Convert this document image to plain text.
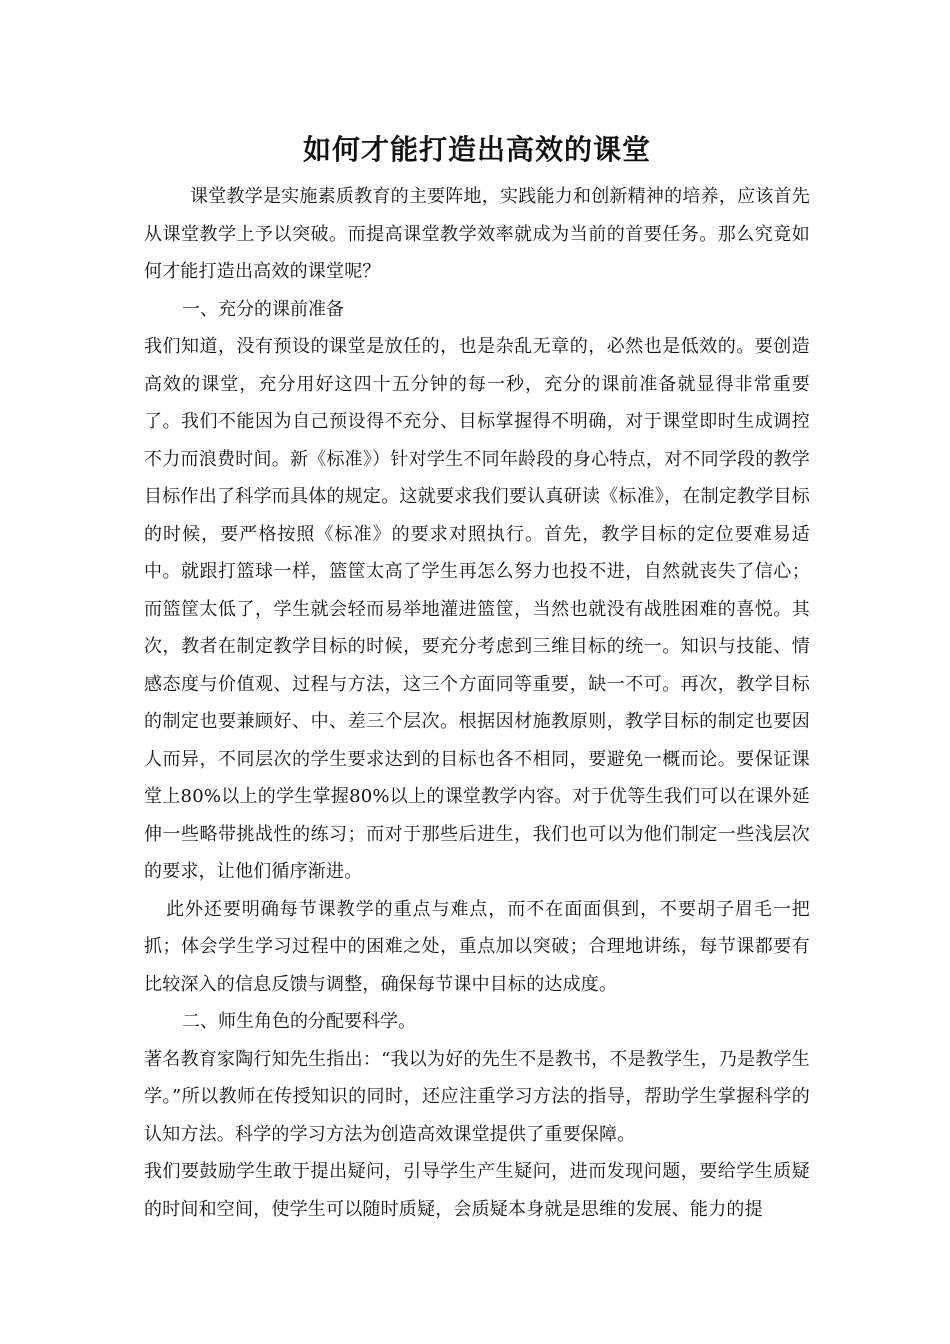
如何才能打造出高效的课堂

课堂教学是实施素质教育的主要阵地，实践能力和创新精神的培养，应该首先从课堂教学上予以突破。而提高课堂教学效率就成为当前的首要任务。那么究竟如何才能打造出高效的课堂呢？

一、充分的课前准备

我们知道，没有预设的课堂是放任的，也是杂乱无章的，必然也是低效的。要创造高效的课堂，充分用好这四十五分钟的每一秒，充分的课前准备就显得非常重要了。我们不能因为自己预设得不充分、目标掌握得不明确，对于课堂即时生成调控不力而浪费时间。新《标准》）针对学生不同年龄段的身心特点，对不同学段的教学目标作出了科学而具体的规定。这就要求我们要认真研读《标准》，在制定教学目标的时候，要严格按照《标准》的要求对照执行。首先，教学目标的定位要难易适中。就跟打篮球一样，篮筐太高了学生再怎么努力也投不进，自然就丧失了信心；而篮筐太低了，学生就会轻而易举地灌进篮筐，当然也就没有战胜困难的喜悦。其次，教者在制定教学目标的时候，要充分考虑到三维目标的统一。知识与技能、情感态度与价值观、过程与方法，这三个方面同等重要，缺一不可。再次，教学目标的制定也要兼顾好、中、差三个层次。根据因材施教原则，教学目标的制定也要因人而异，不同层次的学生要求达到的目标也各不相同，要避免一概而论。要保证课堂上80%以上的学生掌握80%以上的课堂教学内容。对于优等生我们可以在课外延伸一些略带挑战性的练习；而对于那些后进生，我们也可以为他们制定一些浅层次的要求，让他们循序渐进。

此外还要明确每节课教学的重点与难点，而不在面面俱到，不要胡子眉毛一把抓；体会学生学习过程中的困难之处，重点加以突破；合理地讲练，每节课都要有比较深入的信息反馈与调整，确保每节课中目标的达成度。

二、师生角色的分配要科学。

著名教育家陶行知先生指出：“我以为好的先生不是教书，不是教学生，乃是教学生学。”所以教师在传授知识的同时，还应注重学习方法的指导，帮助学生掌握科学的认知方法。科学的学习方法为创造高效课堂提供了重要保障。

我们要鼓励学生敢于提出疑问，引导学生产生疑问，进而发现问题，要给学生质疑的时间和空间，使学生可以随时质疑，会质疑本身就是思维的发展、能力的提
